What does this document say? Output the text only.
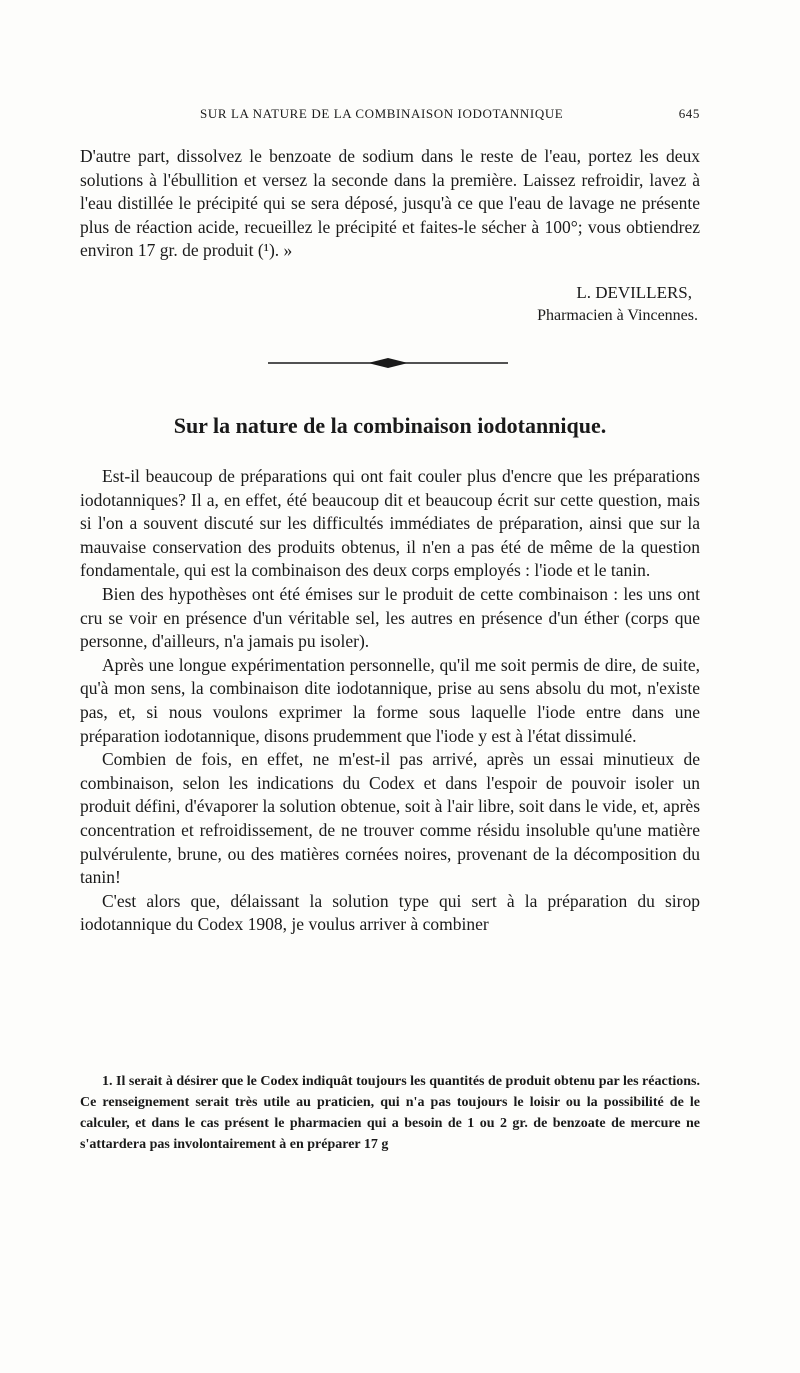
SUR LA NATURE DE LA COMBINAISON IODOTANNIQUE	645

D'autre part, dissolvez le benzoate de sodium dans le reste de l'eau, portez les deux solutions à l'ébullition et versez la seconde dans la première. Laissez refroidir, lavez à l'eau distillée le précipité qui se sera déposé, jusqu'à ce que l'eau de lavage ne présente plus de réaction acide, recueillez le précipité et faites-le sécher à 100°; vous obtiendrez environ 17 gr. de produit (¹). »

L. DEVILLERS,
Pharmacien à Vincennes.
Sur la nature de la combinaison iodotannique.

Est-il beaucoup de préparations qui ont fait couler plus d'encre que les préparations iodotanniques? Il a, en effet, été beaucoup dit et beaucoup écrit sur cette question, mais si l'on a souvent discuté sur les difficultés immédiates de préparation, ainsi que sur la mauvaise conservation des produits obtenus, il n'en a pas été de même de la question fondamentale, qui est la combinaison des deux corps employés : l'iode et le tanin.

Bien des hypothèses ont été émises sur le produit de cette combinaison : les uns ont cru se voir en présence d'un véritable sel, les autres en présence d'un éther (corps que personne, d'ailleurs, n'a jamais pu isoler).

Après une longue expérimentation personnelle, qu'il me soit permis de dire, de suite, qu'à mon sens, la combinaison dite iodotannique, prise au sens absolu du mot, n'existe pas, et, si nous voulons exprimer la forme sous laquelle l'iode entre dans une préparation iodotannique, disons prudemment que l'iode y est à l'état dissimulé.

Combien de fois, en effet, ne m'est-il pas arrivé, après un essai minutieux de combinaison, selon les indications du Codex et dans l'espoir de pouvoir isoler un produit défini, d'évaporer la solution obtenue, soit à l'air libre, soit dans le vide, et, après concentration et refroidissement, de ne trouver comme résidu insoluble qu'une matière pulvérulente, brune, ou des matières cornées noires, provenant de la décomposition du tanin!

C'est alors que, délaissant la solution type qui sert à la préparation du sirop iodotannique du Codex 1908, je voulus arriver à combiner

1. Il serait à désirer que le Codex indiquât toujours les quantités de produit obtenu par les réactions. Ce renseignement serait très utile au praticien, qui n'a pas toujours le loisir ou la possibilité de le calculer, et dans le cas présent le pharmacien qui a besoin de 1 ou 2 gr. de benzoate de mercure ne s'attardera pas involontairement à en préparer 17 g
